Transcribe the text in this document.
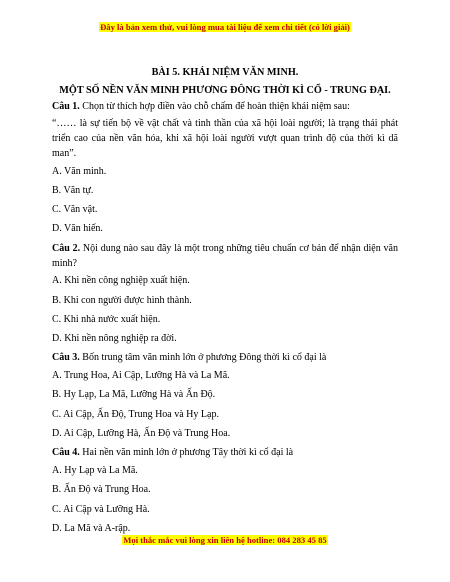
Đây là bản xem thử, vui lòng mua tài liệu để xem chi tiết (có lời giải)
BÀI 5. KHÁI NIỆM VĂN MINH.
MỘT SỐ NỀN VĂN MINH PHƯƠNG ĐÔNG THỜI KÌ CỔ - TRUNG ĐẠI.
Câu 1. Chọn từ thích hợp điền vào chỗ chấm để hoàn thiện khái niệm sau:
“…… là sự tiến bộ về vật chất và tinh thần của xã hội loài người; là trạng thái phát triển cao của nền văn hóa, khi xã hội loài người vượt quan trình độ của thời kì dã man”.
A. Văn minh.
B. Văn tự.
C. Văn vật.
D. Văn hiến.
Câu 2. Nội dung nào sau đây là một trong những tiêu chuẩn cơ bản để nhận diện văn minh?
A. Khi nền công nghiệp xuất hiện.
B. Khi con người được hình thành.
C. Khi nhà nước xuất hiện.
D. Khi nền nông nghiệp ra đời.
Câu 3. Bốn trung tâm văn minh lớn ở phương Đông thời kì cổ đại là
A. Trung Hoa, Ai Cập, Lưỡng Hà và La Mã.
B. Hy Lạp, La Mã, Lưỡng Hà và Ấn Độ.
C. Ai Cập, Ấn Độ, Trung Hoa và Hy Lạp.
D. Ai Cập, Lưỡng Hà, Ấn Độ và Trung Hoa.
Câu 4. Hai nền văn minh lớn ở phương Tây thời kì cổ đại là
A. Hy Lạp và La Mã.
B. Ấn Độ và Trung Hoa.
C. Ai Cập và Lưỡng Hà.
D. La Mã và A-rập.
Mọi thắc mắc vui lòng xin liên hệ hotline: 084 283 45 85
